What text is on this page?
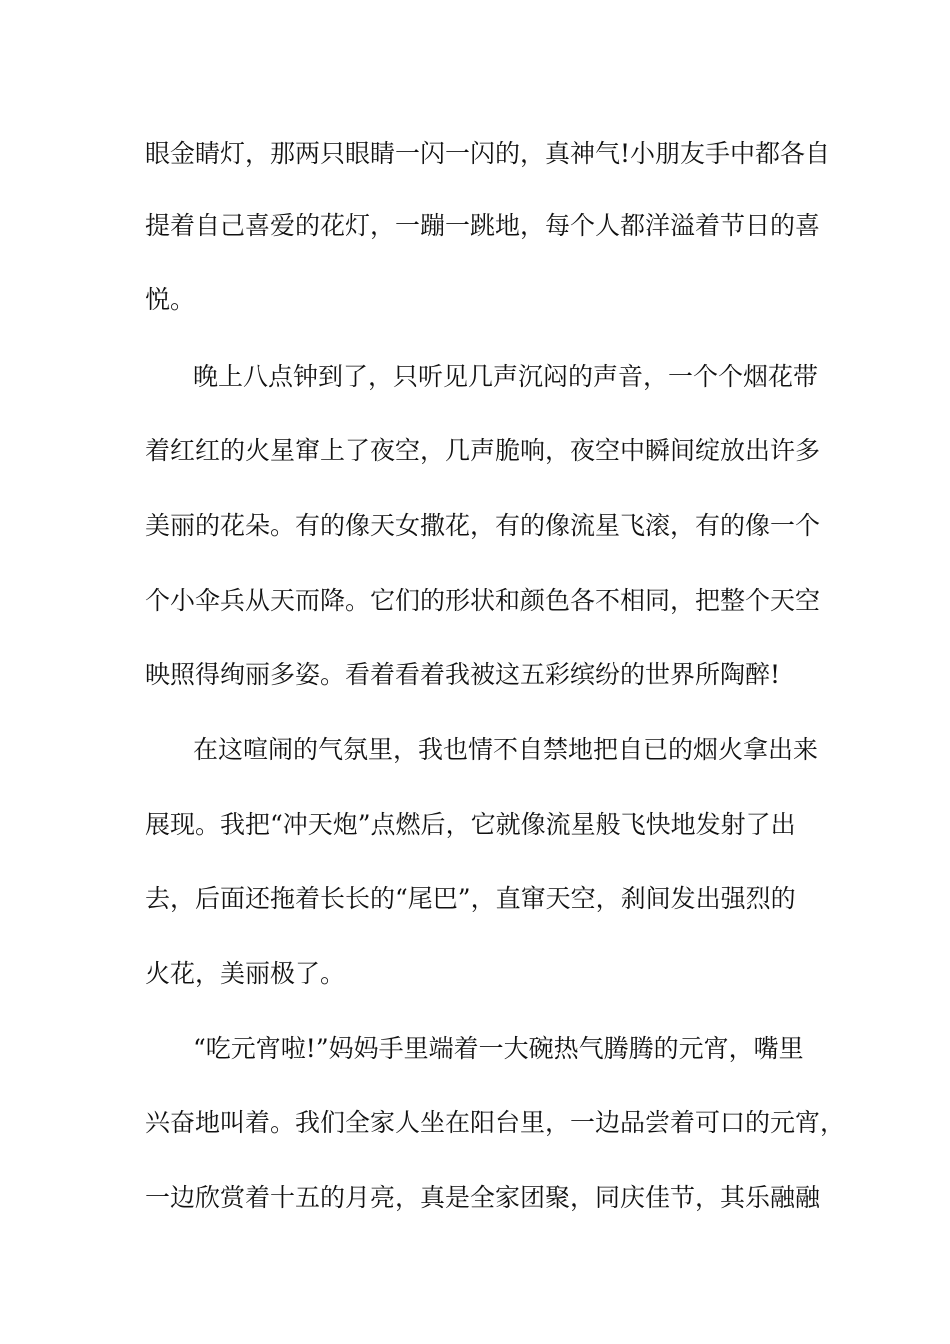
眼金睛灯，那两只眼睛一闪一闪的，真神气!小朋友手中都各自
提着自己喜爱的花灯，一蹦一跳地，每个人都洋溢着节日的喜
悦。
晚上八点钟到了，只听见几声沉闷的声音，一个个烟花带
着红红的火星窜上了夜空，几声脆响，夜空中瞬间绽放出许多
美丽的花朵。有的像天女撒花，有的像流星飞滚，有的像一个
个小伞兵从天而降。它们的形状和颜色各不相同，把整个天空
映照得绚丽多姿。看着看着我被这五彩缤纷的世界所陶醉!
在这喧闹的气氛里，我也情不自禁地把自已的烟火拿出来
展现。我把“冲天炮”点燃后，它就像流星般飞快地发射了出
去，后面还拖着长长的“尾巴”，直窜天空，刹间发出强烈的
火花，美丽极了。
“吃元宵啦!”妈妈手里端着一大碗热气腾腾的元宵，嘴里
兴奋地叫着。我们全家人坐在阳台里，一边品尝着可口的元宵，
一边欣赏着十五的月亮，真是全家团聚，同庆佳节，其乐融融
